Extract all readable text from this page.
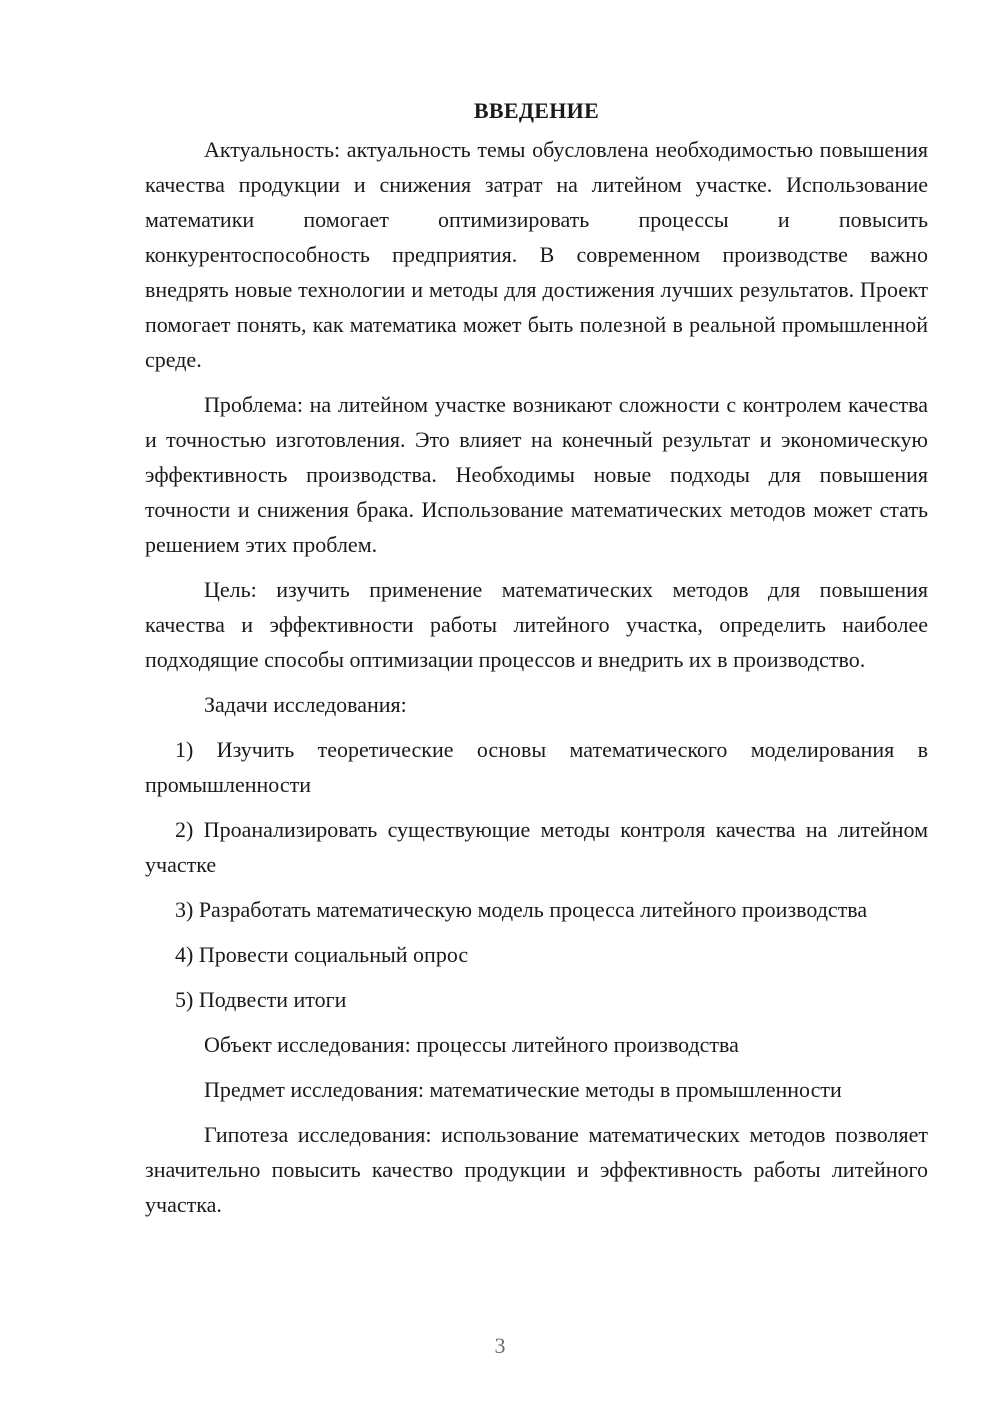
ВВЕДЕНИЕ

Актуальность: актуальность темы обусловлена необходимостью повышения качества продукции и снижения затрат на литейном участке. Использование математики помогает оптимизировать процессы и повысить конкурентоспособность предприятия. В современном производстве важно внедрять новые технологии и методы для достижения лучших результатов. Проект помогает понять, как математика может быть полезной в реальной промышленной среде.

Проблема: на литейном участке возникают сложности с контролем качества и точностью изготовления. Это влияет на конечный результат и экономическую эффективность производства. Необходимы новые подходы для повышения точности и снижения брака. Использование математических методов может стать решением этих проблем.

Цель: изучить применение математических методов для повышения качества и эффективности работы литейного участка, определить наиболее подходящие способы оптимизации процессов и внедрить их в производство.

Задачи исследования:

1) Изучить теоретические основы математического моделирования в промышленности

2) Проанализировать существующие методы контроля качества на литейном участке

3) Разработать математическую модель процесса литейного производства

4) Провести социальный опрос

5) Подвести итоги

Объект исследования: процессы литейного производства

Предмет исследования: математические методы в промышленности

Гипотеза исследования: использование математических методов позволяет значительно повысить качество продукции и эффективность работы литейного участка.

3
